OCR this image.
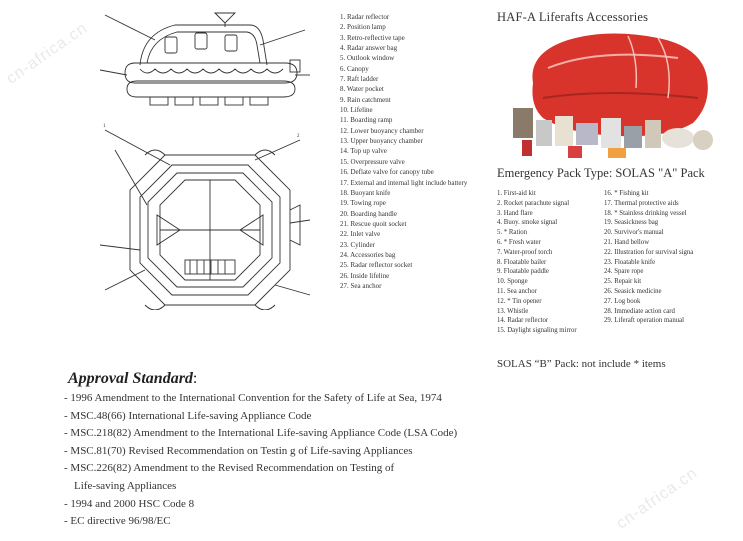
cn-africa.cn
cn-africa.cn
1
2
1. Radar reflector
2. Position lamp
3. Retro-reflective tape
4. Radar answer bag
5. Outlook window
6. Canopy
7. Raft ladder
8. Water pocket
9. Rain catchment
10. Lifeline
11. Boarding ramp
12. Lower buoyancy chamber
13. Upper buoyancy chamber
14. Top up valve
15. Overpressure valve
16. Deflate valve for canopy tube
17. External and internal light include battery
18. Buoyant knife
19. Towing rope
20. Boarding handle
21. Rescue quoit socket
22. Inlet valve
23. Cylinder
24. Accessories bag
25. Radar reflector socket
26. Inside lifeline
27. Sea anchor
HAF-A Liferafts Accessories
Emergency Pack Type: SOLAS "A" Pack
1. First-aid kit
2. Rocket parachute signal
3. Hand flare
4. Buoy. smoke signal
5. * Ration
6. * Fresh water
7. Water-proof torch
8. Floatable bailer
9. Floatable paddle
10. Sponge
11. Sea anchor
12. * Tin opener
13. Whistle
14. Radar reflector
15. Daylight signaling mirror
16. * Fishing kit
17. Thermal protective aids
18. * Stainless drinking vessel
19. Seasickness bag
20. Survivor's manual
21. Hand bellow
22. Illustration for survival signa
23. Floatable knife
24. Spare rope
25. Repair kit
26. Seasick medicine
27. Log book
28. Immediate action card
29. Liferaft operation manual
SOLAS “B” Pack: not include * items
Approval Standard:
- 1996 Amendment to the International Convention for the Safety of Life at Sea, 1974
- MSC.48(66) International Life-saving Appliance Code
- MSC.218(82) Amendment to the International Life-saving Appliance Code (LSA Code)
- MSC.81(70) Revised Recommendation on Testin g of Life-saving Appliances
- MSC.226(82) Amendment to the Revised Recommendation on Testing of
Life-saving Appliances
- 1994 and 2000 HSC Code 8
- EC directive 96/98/EC
